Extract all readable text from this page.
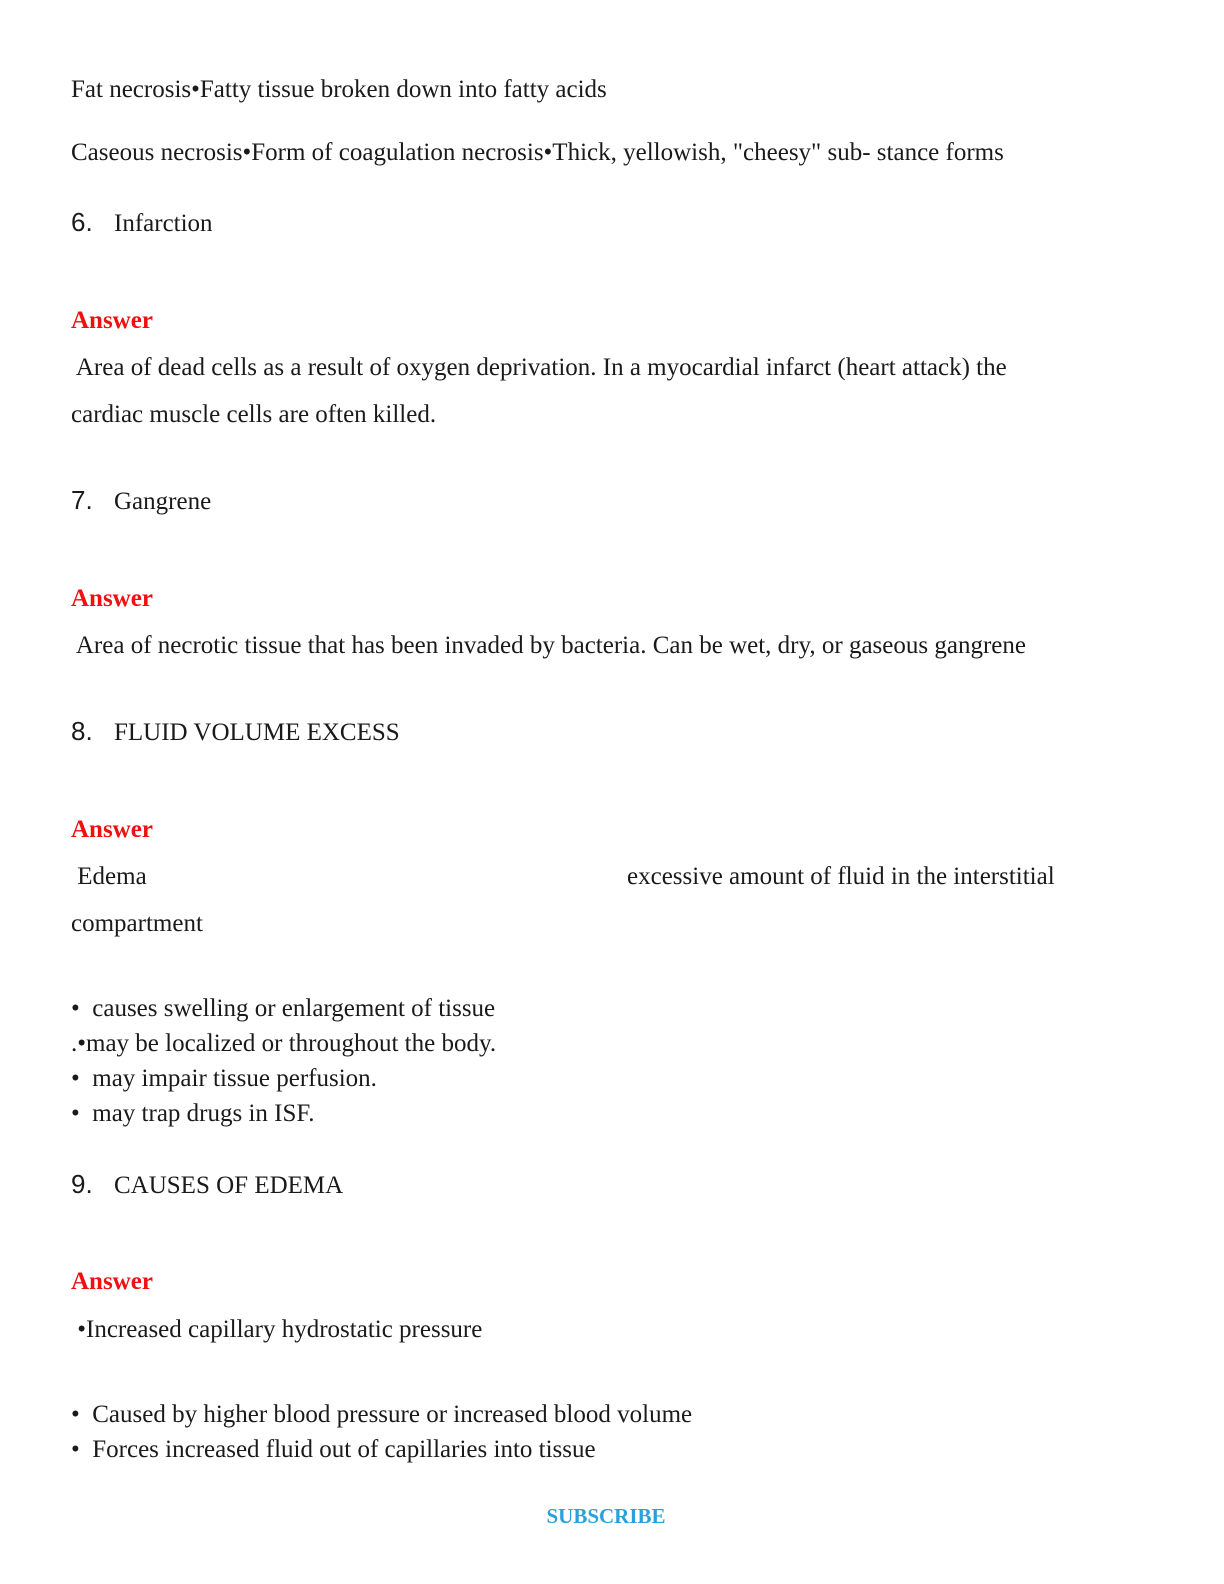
Fat necrosis•Fatty tissue broken down into fatty acids
Caseous necrosis•Form of coagulation necrosis•Thick, yellowish, "cheesy" sub- stance forms
6. Infarction
Answer
Area of dead cells as a result of oxygen deprivation. In a myocardial infarct (heart attack) the
cardiac muscle cells are often killed.
7. Gangrene
Answer
Area of necrotic tissue that has been invaded by bacteria. Can be wet, dry, or gaseous gangrene
8. FLUID VOLUME EXCESS
Answer
Edema	excessive amount of fluid in the interstitial
compartment
•  causes swelling or enlargement of tissue
.•may be localized or throughout the body.
•  may impair tissue perfusion.
•  may trap drugs in ISF.
9. CAUSES OF EDEMA
Answer
•Increased capillary hydrostatic pressure
•  Caused by higher blood pressure or increased blood volume
•  Forces increased fluid out of capillaries into tissue
SUBSCRIBE
